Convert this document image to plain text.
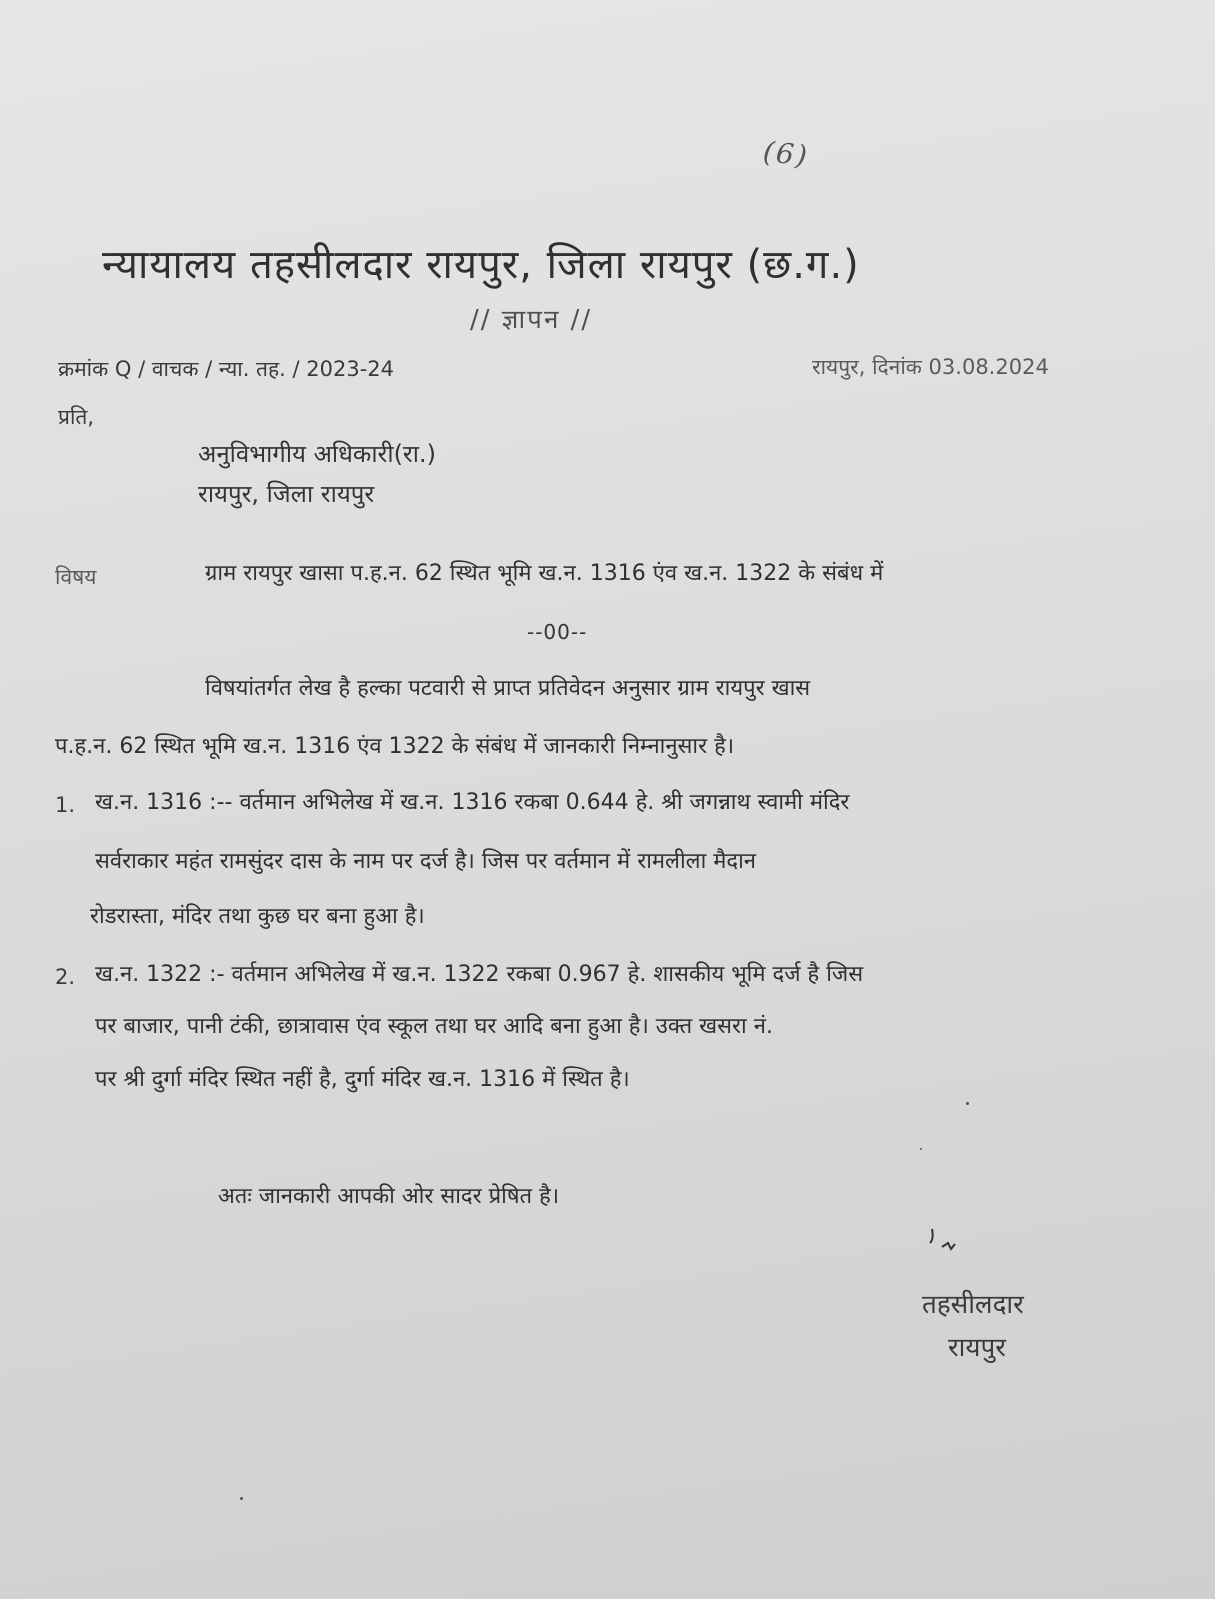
(6)
न्यायालय तहसीलदार रायपुर, जिला रायपुर (छ.ग.)
// ज्ञापन //
क्रमांक Q / वाचक / न्या. तह. / 2023-24	रायपुर, दिनांक 03.08.2024
प्रति,
अनुविभागीय अधिकारी(रा.)
रायपुर, जिला रायपुर
विषय	ग्राम रायपुर खासा प.ह.न. 62 स्थित भूमि ख.न. 1316 एंव ख.न. 1322 के संबंध में
--00--
विषयांतर्गत लेख है हल्का पटवारी से प्राप्त प्रतिवेदन अनुसार ग्राम रायपुर खास
प.ह.न. 62 स्थित भूमि ख.न. 1316 एंव 1322 के संबंध में जानकारी निम्नानुसार है।
1. ख.न. 1316 :-- वर्तमान अभिलेख में ख.न. 1316 रकबा 0.644 हे. श्री जगन्नाथ स्वामी मंदिर
सर्वराकार महंत रामसुंदर दास के नाम पर दर्ज है। जिस पर वर्तमान में रामलीला मैदान
रोडरास्ता, मंदिर तथा कुछ घर बना हुआ है।
2. ख.न. 1322 :- वर्तमान अभिलेख में ख.न. 1322 रकबा 0.967 हे. शासकीय भूमि दर्ज है जिस
पर बाजार, पानी टंकी, छात्रावास एंव स्कूल तथा घर आदि बना हुआ है। उक्त खसरा नं.
पर श्री दुर्गा मंदिर स्थित नहीं है, दुर्गा मंदिर ख.न. 1316 में स्थित है।
अतः जानकारी आपकी ओर सादर प्रेषित है।
तहसीलदार
रायपुर
